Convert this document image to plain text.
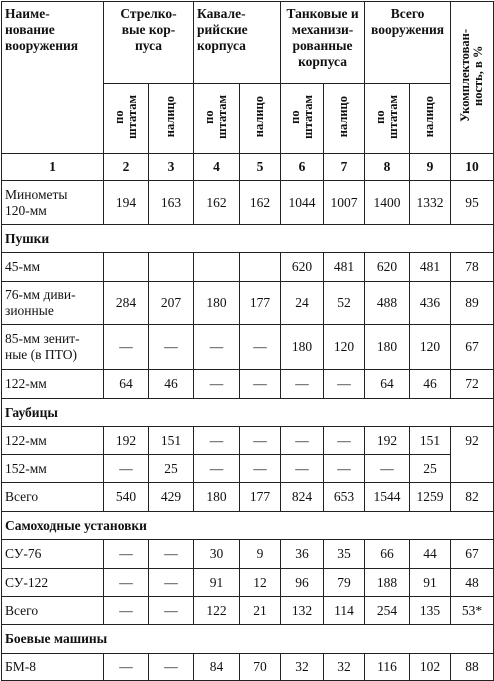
Наиме-
нование
вооружения	Стрелко-
вые кор-
пуса		Кавале-
рийские
корпуса		Танковые и
механизи-
рованные
корпуса		Всего
вооружения		Укомплектован-
ность, в %
	по
штатам	налицо	по
штатам	налицо	по
штатам	налицо	по
штатам	налицо	
1	2	3	4	5	6	7	8	9	10
Минометы
120-мм	194	163	162	162	1044	1007	1400	1332	95
Пушки									
45-мм					620	481	620	481	78
76-мм диви-
зионные	284	207	180	177	24	52	488	436	89
85-мм зенит-
ные (в ПТО)	—	—	—	—	180	120	180	120	67
122-мм	64	46	—	—	—	—	64	46	72
Гаубицы									
122-мм	192	151	—	—	—	—	192	151	92
152-мм	—	25	—	—	—	—	—	25	
Всего	540	429	180	177	824	653	1544	1259	82
Самоходные установки									
СУ-76	—	—	30	9	36	35	66	44	67
СУ-122	—	—	91	12	96	79	188	91	48
Всего	—	—	122	21	132	114	254	135	53*
Боевые машины									
БМ-8	—	—	84	70	32	32	116	102	88
